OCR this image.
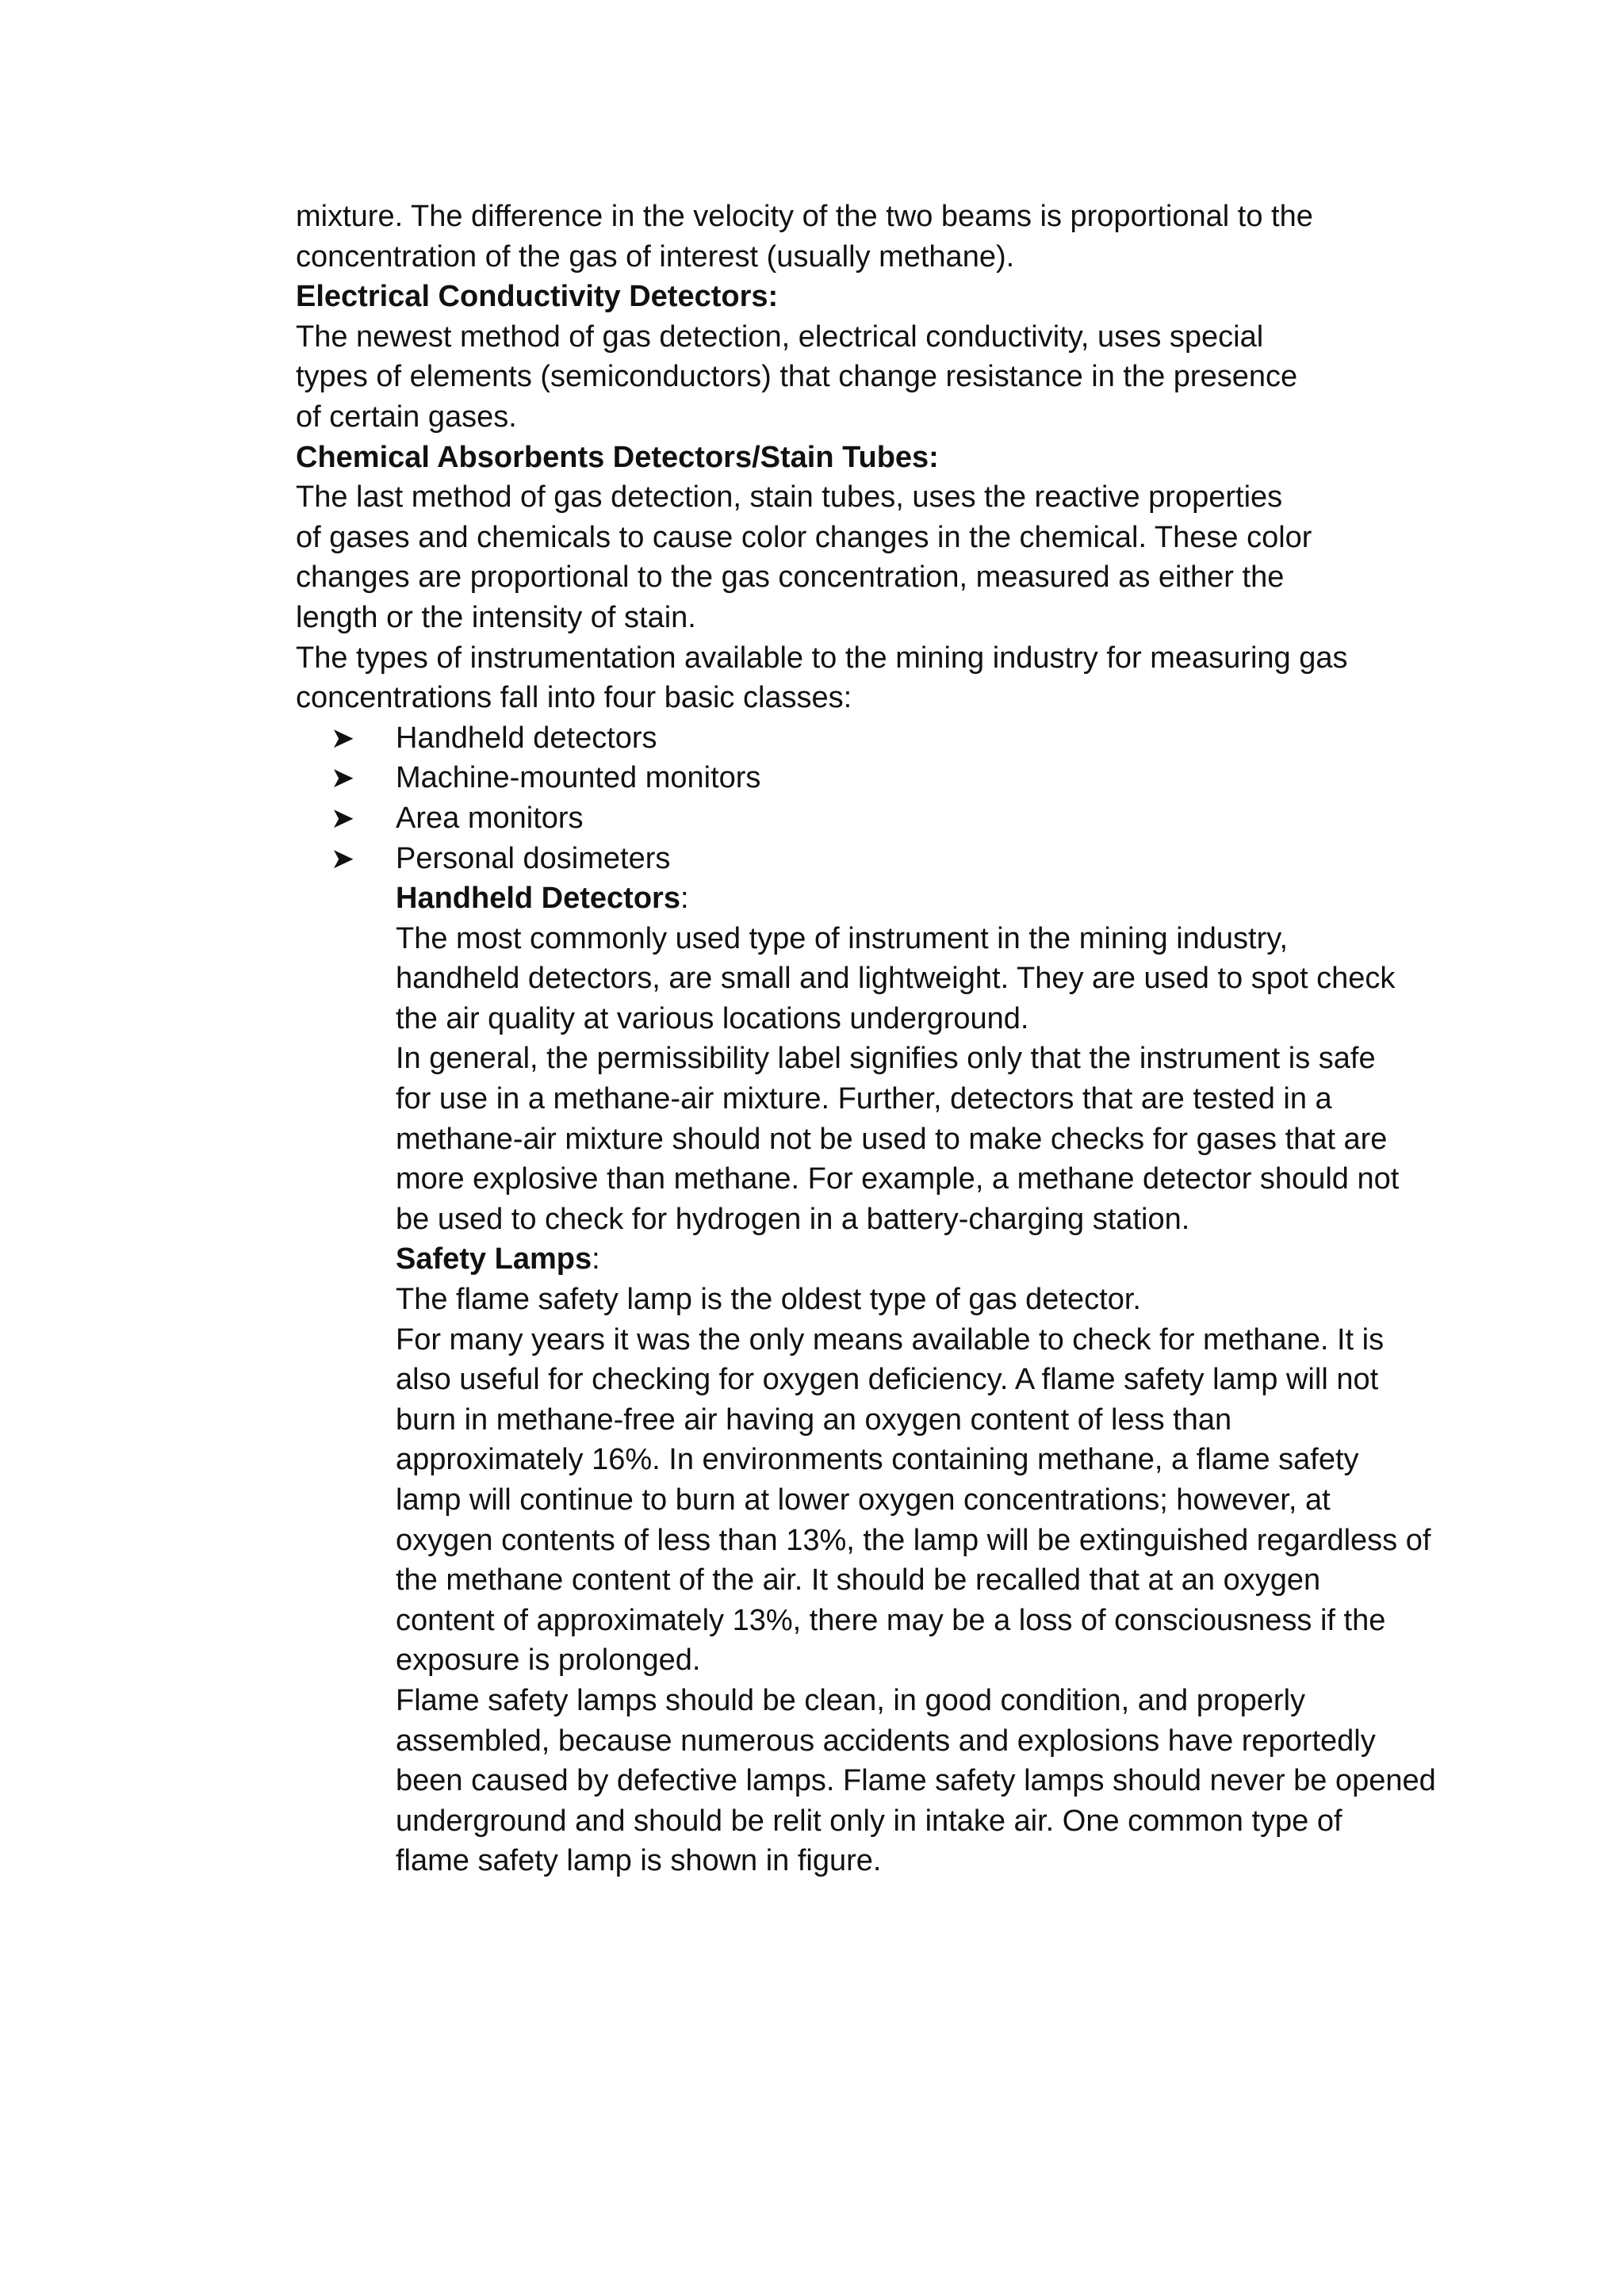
mixture. The difference in the velocity of the two beams is proportional to the
concentration of the gas of interest (usually methane).
Electrical Conductivity Detectors:
The newest method of gas detection, electrical conductivity, uses special
types of elements (semiconductors) that change resistance in the presence
of certain gases.
Chemical Absorbents Detectors/Stain Tubes:
The last method of gas detection, stain tubes, uses the reactive properties
of gases and chemicals to cause color changes in the chemical. These color
changes are proportional to the gas concentration, measured as either the
length or the intensity of stain.
The types of instrumentation available to the mining industry for measuring gas
concentrations fall into four basic classes:
➤ Handheld detectors
➤ Machine-mounted monitors
➤ Area monitors
➤ Personal dosimeters
Handheld Detectors:
The most commonly used type of instrument in the mining industry,
handheld detectors, are small and lightweight. They are used to spot check
the air quality at various locations underground.
In general, the permissibility label signifies only that the instrument is safe
for use in a methane-air mixture. Further, detectors that are tested in a
methane-air mixture should not be used to make checks for gases that are
more explosive than methane. For example, a methane detector should not
be used to check for hydrogen in a battery-charging station.
Safety Lamps:
The flame safety lamp is the oldest type of gas detector.
For many years it was the only means available to check for methane. It is
also useful for checking for oxygen deficiency. A flame safety lamp will not
burn in methane-free air having an oxygen content of less than
approximately 16%. In environments containing methane, a flame safety
lamp will continue to burn at lower oxygen concentrations; however, at
oxygen contents of less than 13%, the lamp will be extinguished regardless of
the methane content of the air. It should be recalled that at an oxygen
content of approximately 13%, there may be a loss of consciousness if the
exposure is prolonged.
Flame safety lamps should be clean, in good condition, and properly
assembled, because numerous accidents and explosions have reportedly
been caused by defective lamps. Flame safety lamps should never be opened
underground and should be relit only in intake air. One common type of
flame safety lamp is shown in figure.
